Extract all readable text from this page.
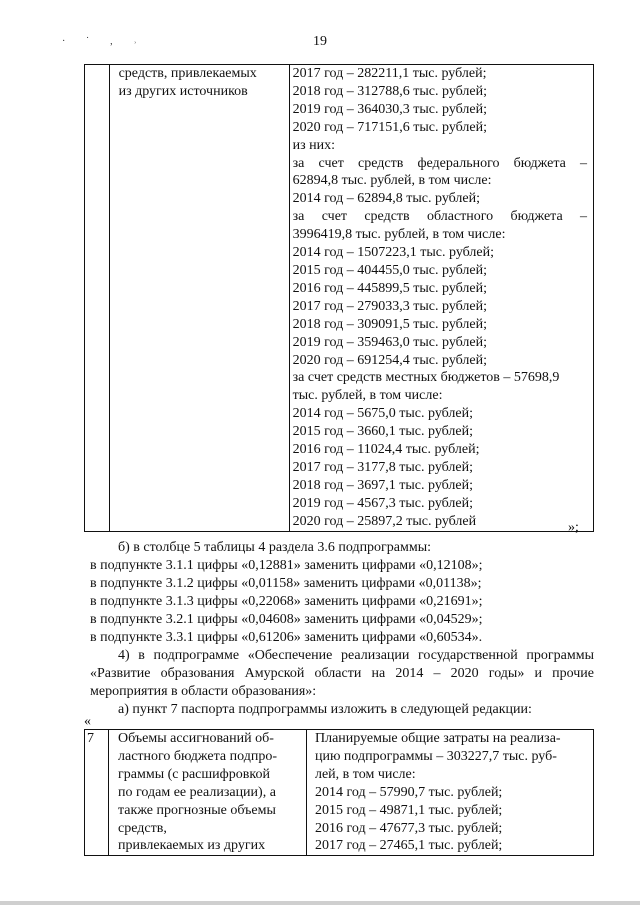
· ˙ ‚ ˒	19

средств, привлекаемых
из других источников

2017 год – 282211,1 тыс. рублей;
2018 год – 312788,6 тыс. рублей;
2019 год – 364030,3 тыс. рублей;
2020 год – 717151,6 тыс. рублей;
из них:
за счет средств федерального бюджета –
62894,8 тыс. рублей, в том числе:
2014 год – 62894,8 тыс. рублей;
за счет средств областного бюджета –
3996419,8 тыс. рублей, в том числе:
2014 год – 1507223,1 тыс. рублей;
2015 год – 404455,0 тыс. рублей;
2016 год – 445899,5 тыс. рублей;
2017 год – 279033,3 тыс. рублей;
2018 год – 309091,5 тыс. рублей;
2019 год – 359463,0 тыс. рублей;
2020 год – 691254,4 тыс. рублей;
за счет средств местных бюджетов – 57698,9
тыс. рублей, в том числе:
2014 год – 5675,0 тыс. рублей;
2015 год – 3660,1 тыс. рублей;
2016 год – 11024,4 тыс. рублей;
2017 год – 3177,8 тыс. рублей;
2018 год – 3697,1 тыс. рублей;
2019 год – 4567,3 тыс. рублей;
2020 год – 25897,2 тыс. рублей	»;
б) в столбце 5 таблицы 4 раздела 3.6 подпрограммы:
в подпункте 3.1.1 цифры «0,12881» заменить цифрами «0,12108»;
в подпункте 3.1.2 цифры «0,01158» заменить цифрами «0,01138»;
в подпункте 3.1.3 цифры «0,22068» заменить цифрами «0,21691»;
в подпункте 3.2.1 цифры «0,04608» заменить цифрами «0,04529»;
в подпункте 3.3.1 цифры «0,61206» заменить цифрами «0,60534».
4) в подпрограмме «Обеспечение реализации государственной программы «Развитие образования Амурской области на 2014 – 2020 годы» и прочие мероприятия в области образования»:
а) пункт 7 паспорта подпрограммы изложить в следующей редакции:
«
7	Объемы ассигнований об-
ластного бюджета подпро-
граммы (с расшифровкой
по годам ее реализации), а
также прогнозные объемы
средств,
привлекаемых из других

Планируемые общие затраты на реализа-
цию подпрограммы – 303227,7 тыс. руб-
лей, в том числе:
2014 год – 57990,7 тыс. рублей;
2015 год – 49871,1 тыс. рублей;
2016 год – 47677,3 тыс. рублей;
2017 год – 27465,1 тыс. рублей;
